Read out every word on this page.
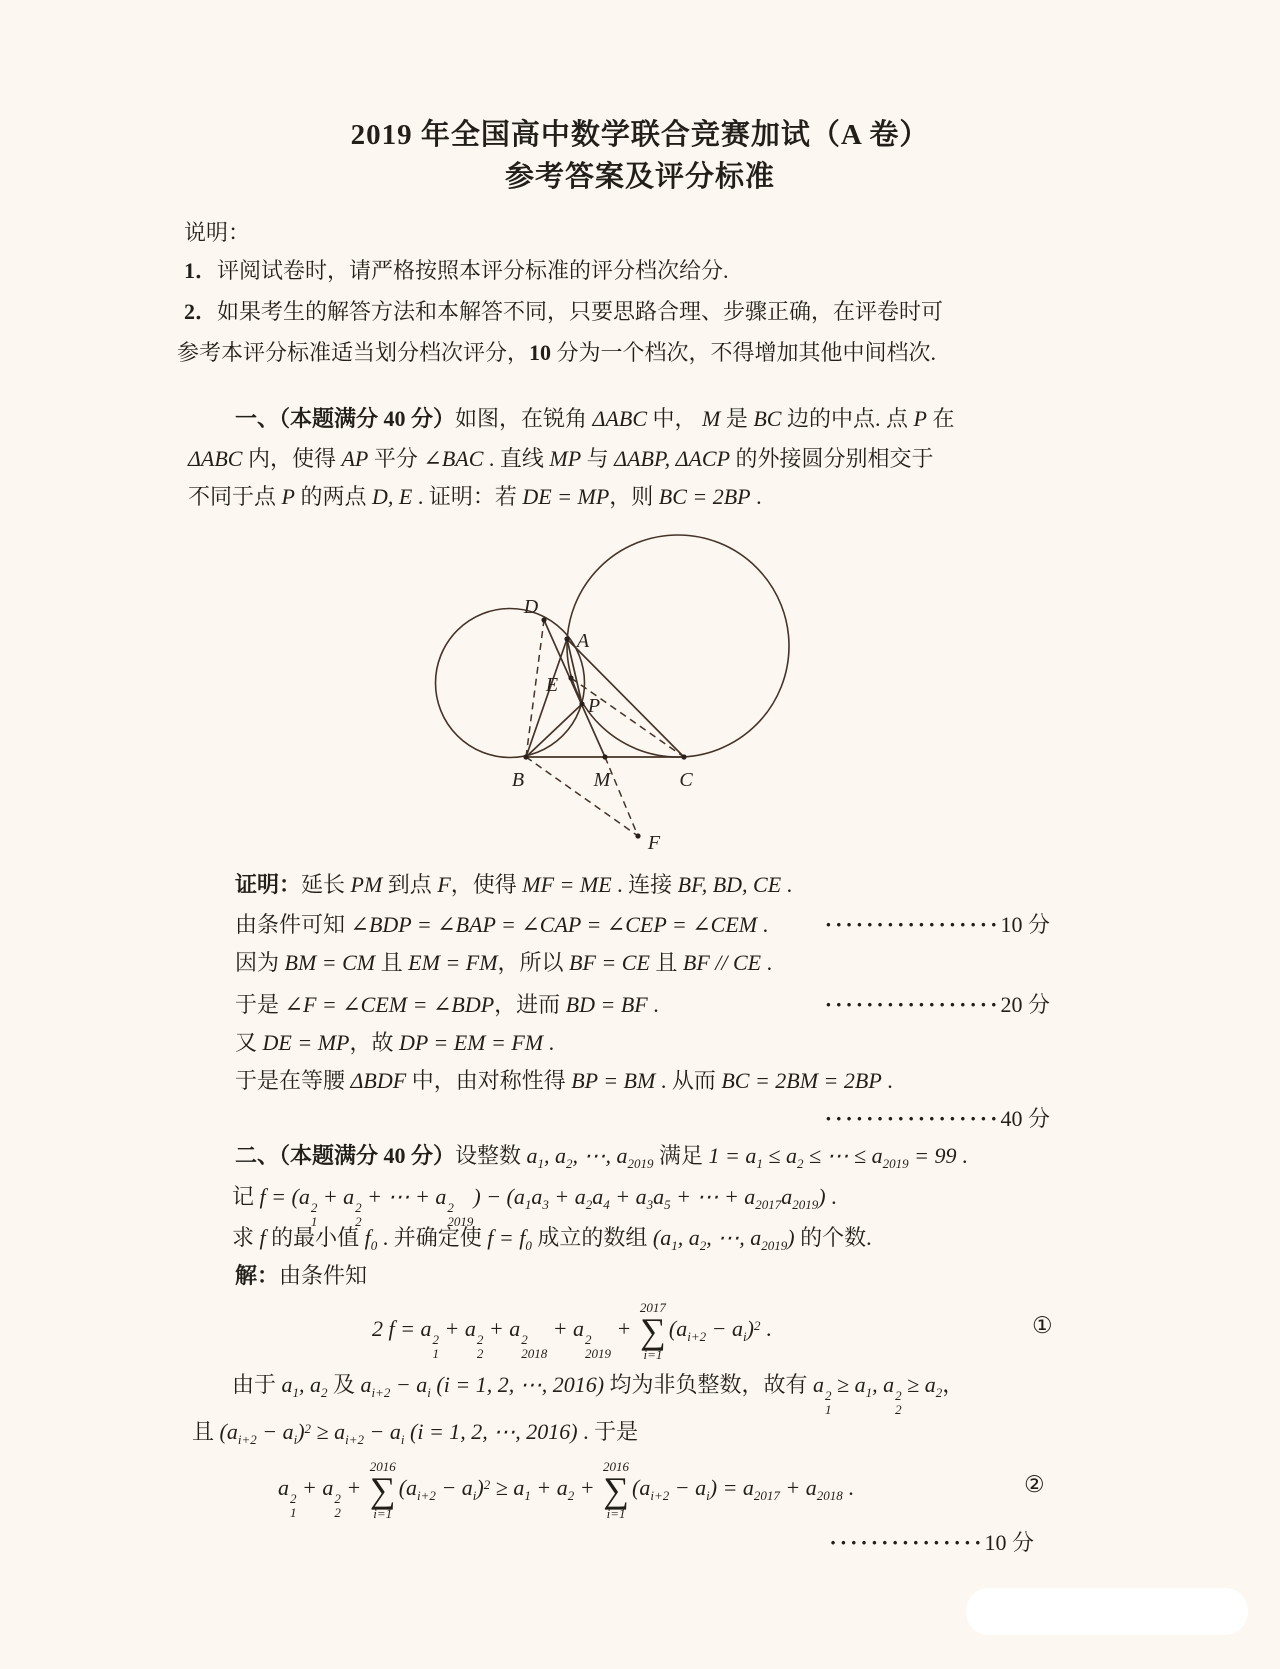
2019 年全国高中数学联合竞赛加试（A 卷）
参考答案及评分标准
说明：
1．评阅试卷时，请严格按照本评分标准的评分档次给分.
2．如果考生的解答方法和本解答不同，只要思路合理、步骤正确，在评卷时可
参考本评分标准适当划分档次评分，10 分为一个档次，不得增加其他中间档次.
一、（本题满分 40 分）如图，在锐角 ΔABC 中， M 是 BC 边的中点. 点 P 在
ΔABC 内，使得 AP 平分 ∠BAC . 直线 MP 与 ΔABP, ΔACP 的外接圆分别相交于
不同于点 P 的两点 D, E . 证明：若 DE = MP，则 BC = 2BP .
D
A
E
P
B	M	C
F
证明：延长 PM 到点 F，使得 MF = ME . 连接 BF, BD, CE .
由条件可知 ∠BDP = ∠BAP = ∠CAP = ∠CEP = ∠CEM .	·················10 分
因为 BM = CM 且 EM = FM，所以 BF = CE 且 BF // CE .
于是 ∠F = ∠CEM = ∠BDP，进而 BD = BF .	·················20 分
又 DE = MP，故 DP = EM = FM .
于是在等腰 ΔBDF 中，由对称性得 BP = BM . 从而 BC = 2BM = 2BP .
·················40 分
二、（本题满分 40 分）设整数 $a_1$, $a_2$, ⋯, $a_{2019}$ 满足 $1 = a_1 \le a_2$ ≤ ⋯ ≤ $a_{2019} = 99$ .
记 f = (a 2
1
+ a 2
2
+ ⋯ + a 2
2019
) − ($a_1a_3 + a_2a_4 + a_3a_5$ + ⋯ + $a_{2017}a_{2019}$) .
求 f 的最小值 $f_0$ . 并确定使 $f = f_0$ 成立的数组 ($a_1$, $a_2$, ⋯, $a_{2019}$) 的个数.
解：由条件知
2 f = a 2
1
+ a 2
2
+ a 2
2018
+ a 2
2019
+
2017
∑
i=1
$(a_{i+2} - a_i)^2$ .	①
由于 $a_1$, $a_2$ 及 $a_{i+2} - a_i$ (i = 1, 2, ⋯, 2016) 均为非负整数，故有 a 2
1
≥ $a_1$, a 2
2
≥ $a_2$，
且 $(a_{i+2} - a_i)^2 \ge a_{i+2} - a_i$ (i = 1, 2, ⋯, 2016) . 于是
a 2
1
+ a 2
2
+
2016
∑
i=1
$(a_{i+2} - a_i)^2 \ge a_1 + a_2$ +
2016
∑
i=1
$(a_{i+2} - a_i) = a_{2017} + a_{2018}$ .	②
···············10 分
